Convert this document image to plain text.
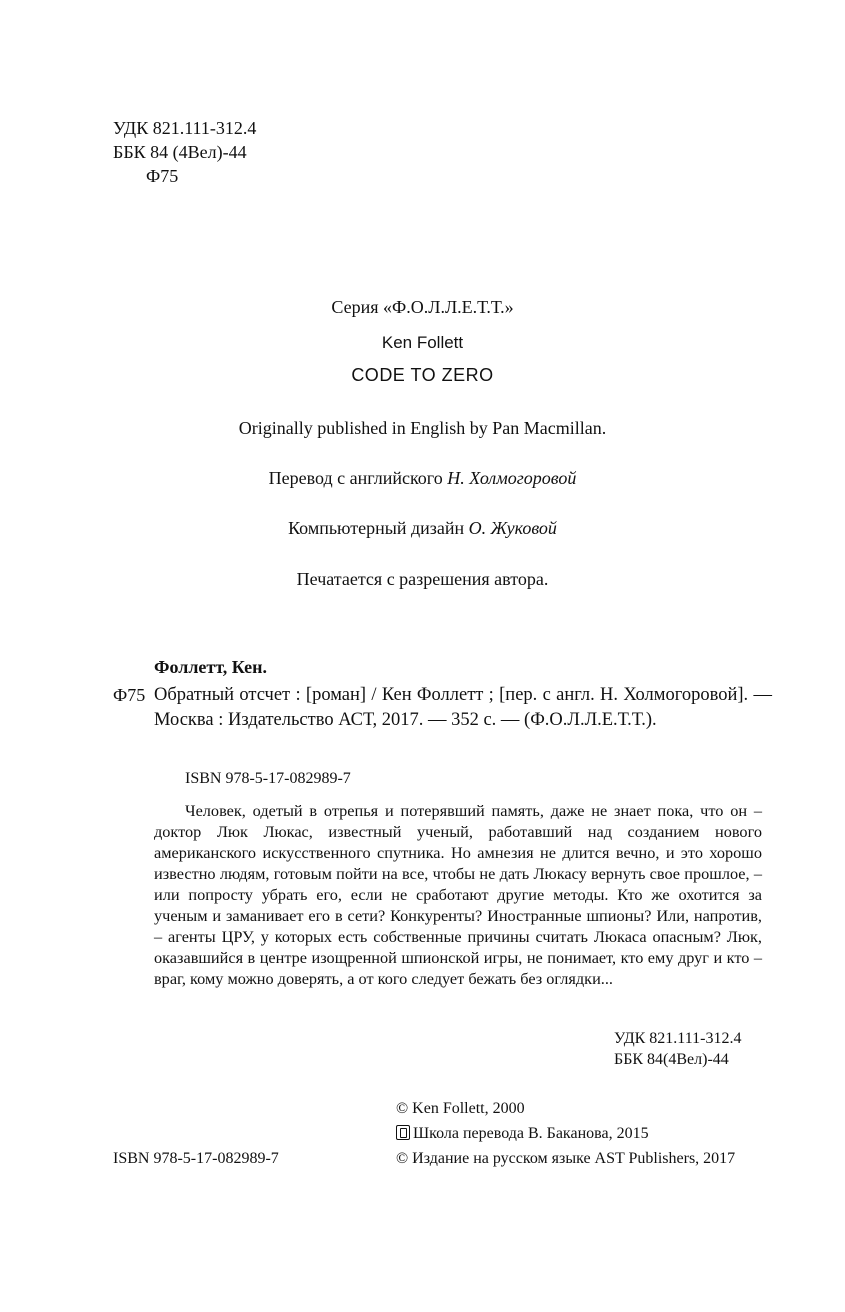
УДК 821.111-312.4
ББК 84 (4Вел)-44
Ф75
Серия «Ф.О.Л.Л.Е.Т.Т.»
Ken Follett
CODE TO ZERO
Originally published in English by Pan Macmillan.
Перевод с английского Н. Холмогоровой
Компьютерный дизайн О. Жуковой
Печатается с разрешения автора.
Фоллетт, Кен.
Ф75 Обратный отсчет : [роман] / Кен Фоллетт ; [пер. с англ. Н. Холмогоровой]. — Москва : Издательство АСТ, 2017. — 352 с. — (Ф.О.Л.Л.Е.Т.Т.).
ISBN 978-5-17-082989-7
Человек, одетый в отрепья и потерявший память, даже не знает пока, что он – доктор Люк Люкас, известный ученый, работавший над созданием нового американского искусственного спутника. Но амнезия не длится вечно, и это хорошо известно людям, готовым пойти на все, чтобы не дать Люкасу вернуть свое прошлое, – или попросту убрать его, если не сработают другие методы. Кто же охотится за ученым и заманивает его в сети? Конкуренты? Иностранные шпионы? Или, напротив, – агенты ЦРУ, у которых есть собственные причины считать Люкаса опасным? Люк, оказавшийся в центре изощренной шпионской игры, не понимает, кто ему друг и кто – враг, кому можно доверять, а от кого следует бежать без оглядки...
УДК 821.111-312.4
ББК 84(4Вел)-44
© Ken Follett, 2000
Школа перевода В. Баканова, 2015
© Издание на русском языке AST Publishers, 2017
ISBN 978-5-17-082989-7
